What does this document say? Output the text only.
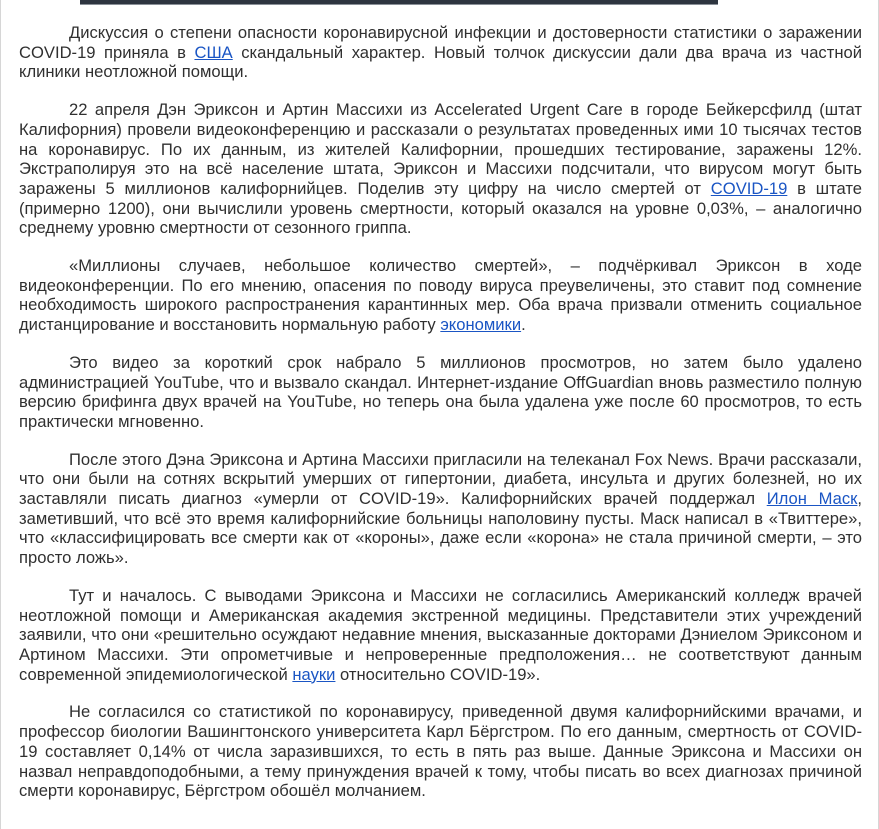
Дискуссия о степени опасности коронавирусной инфекции и достоверности статистики о заражении COVID-19 приняла в США скандальный характер. Новый толчок дискуссии дали два врача из частной клиники неотложной помощи.

22 апреля Дэн Эриксон и Артин Массихи из Accelerated Urgent Care в городе Бейкерсфилд (штат Калифорния) провели видеоконференцию и рассказали о результатах проведенных ими 10 тысячах тестов на коронавирус. По их данным, из жителей Калифорнии, прошедших тестирование, заражены 12%. Экстраполируя это на всё население штата, Эриксон и Массихи подсчитали, что вирусом могут быть заражены 5 миллионов калифорнийцев. Поделив эту цифру на число смертей от COVID-19 в штате (примерно 1200), они вычислили уровень смертности, который оказался на уровне 0,03%, – аналогично среднему уровню смертности от сезонного гриппа.

«Миллионы случаев, небольшое количество смертей», – подчёркивал Эриксон в ходе видеоконференции. По его мнению, опасения по поводу вируса преувеличены, это ставит под сомнение необходимость широкого распространения карантинных мер. Оба врача призвали отменить социальное дистанцирование и восстановить нормальную работу экономики.

Это видео за короткий срок набрало 5 миллионов просмотров, но затем было удалено администрацией YouTube, что и вызвало скандал. Интернет-издание OffGuardian вновь разместило полную версию брифинга двух врачей на YouTube, но теперь она была удалена уже после 60 просмотров, то есть практически мгновенно.

После этого Дэна Эриксона и Артина Массихи пригласили на телеканал Fox News. Врачи рассказали, что они были на сотнях вскрытий умерших от гипертонии, диабета, инсульта и других болезней, но их заставляли писать диагноз «умерли от COVID-19». Калифорнийских врачей поддержал Илон Маск, заметивший, что всё это время калифорнийские больницы наполовину пусты. Маск написал в «Твиттере», что «классифицировать все смерти как от «короны», даже если «корона» не стала причиной смерти, – это просто ложь».

Тут и началось. С выводами Эриксона и Массихи не согласились Американский колледж врачей неотложной помощи и Американская академия экстренной медицины. Представители этих учреждений заявили, что они «решительно осуждают недавние мнения, высказанные докторами Дэниелом Эриксоном и Артином Массихи. Эти опрометчивые и непроверенные предположения… не соответствуют данным современной эпидемиологической науки относительно COVID-19».

Не согласился со статистикой по коронавирусу, приведенной двумя калифорнийскими врачами, и профессор биологии Вашингтонского университета Карл Бёргстром. По его данным, смертность от COVID-19 составляет 0,14% от числа заразившихся, то есть в пять раз выше. Данные Эриксона и Массихи он назвал неправдоподобными, а тему принуждения врачей к тому, чтобы писать во всех диагнозах причиной смерти коронавирус, Бёргстром обошёл молчанием.
